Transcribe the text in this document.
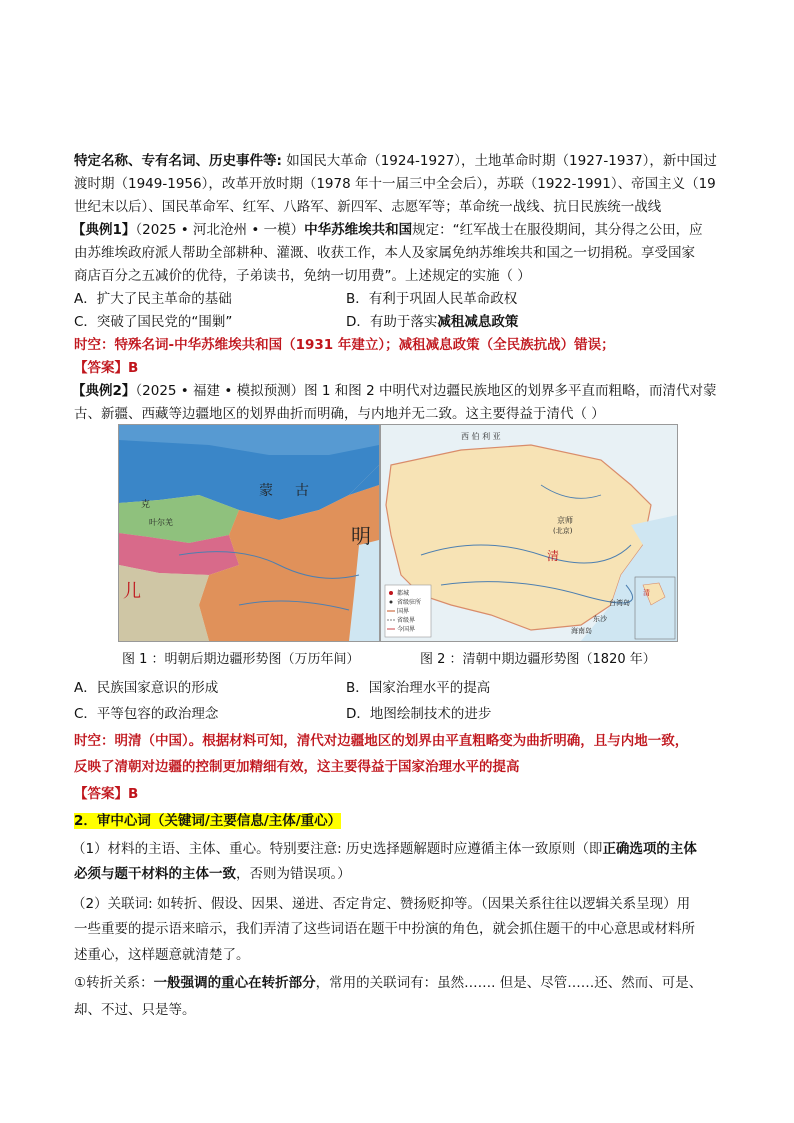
特定名称、专有名词、历史事件等: 如国民大革命（1924-1927），土地革命时期（1927-1937），新中国过
渡时期（1949-1956），改革开放时期（1978 年十一届三中全会后），苏联（1922-1991）、帝国主义（19
世纪末以后）、国民革命军、红军、八路军、新四军、志愿军等；革命统一战线、抗日民族统一战线
【典例1】（2025 • 河北沧州 • 一模）中华苏维埃共和国规定：“红军战士在服役期间，其分得之公田，应
由苏维埃政府派人帮助全部耕种、灌溉、收获工作，本人及家属免纳苏维埃共和国之一切捐税。享受国家
商店百分之五减价的优待，子弟读书，免纳一切用费”。上述规定的实施（ ）
A．扩大了民主革命的基础	B．有利于巩固人民革命政权
C．突破了国民党的“围剿”	D．有助于落实减租减息政策
时空：特殊名词-中华苏维埃共和国（1931 年建立）；减租减息政策（全民族抗战）错误；
【答案】B
【典例2】（2025 • 福建 • 模拟预测）图 1 和图 2 中明代对边疆民族地区的划界多平直而粗略，而清代对蒙
古、新疆、西藏等边疆地区的划界曲折而明确，与内地并无二致。这主要得益于清代（ ）
蒙 古
明
儿
克
叶尔羌
西 伯 利 亚
京师
(北京)
清
台湾岛
海南岛
东沙
都城
省级驻所
国界
省级界
今国界
清
图 1 ：明朝后期边疆形势图（万历年间）	图 2 ：清朝中期边疆形势图（1820 年）
A．民族国家意识的形成	B．国家治理水平的提高
C．平等包容的政治理念	D．地图绘制技术的进步
时空：明清（中国）。根据材料可知，清代对边疆地区的划界由平直粗略变为曲折明确，且与内地一致，
反映了清朝对边疆的控制更加精细有效，这主要得益于国家治理水平的提高
【答案】B
2．审中心词（关键词/主要信息/主体/重心）
（1）材料的主语、主体、重心。特别要注意: 历史选择题解题时应遵循主体一致原则（即正确选项的主体
必须与题干材料的主体一致，否则为错误项。）
（2）关联词: 如转折、假设、因果、递进、否定肯定、赞扬贬抑等。（因果关系往往以逻辑关系呈现）用
一些重要的提示语来暗示，我们弄清了这些词语在题干中扮演的角色，就会抓住题干的中心意思或材料所
述重心，这样题意就清楚了。
①转折关系：一般强调的重心在转折部分，常用的关联词有：虽然……. 但是、尽管……还、然而、可是、
却、不过、只是等。
